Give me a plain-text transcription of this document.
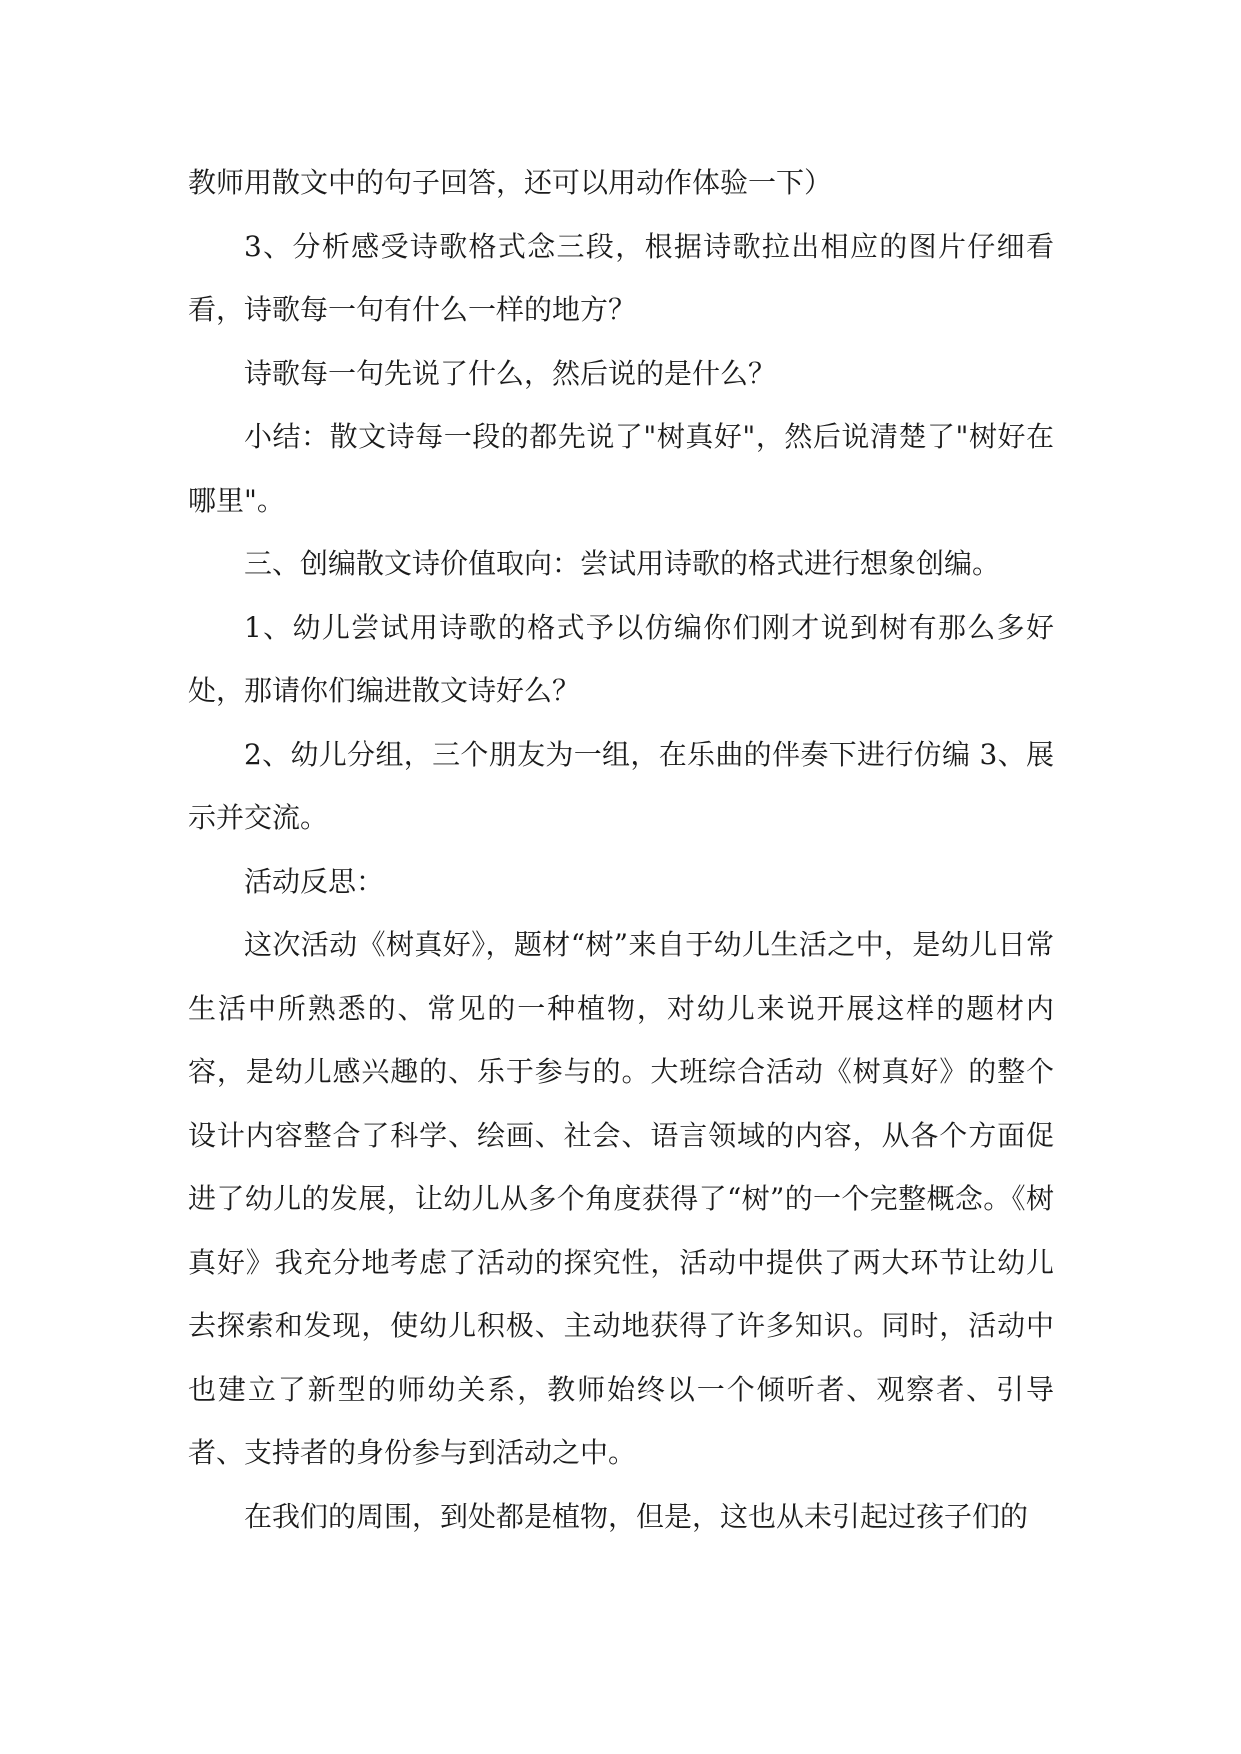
教师用散文中的句子回答，还可以用动作体验一下）

3、分析感受诗歌格式念三段，根据诗歌拉出相应的图片仔细看看，诗歌每一句有什么一样的地方？

诗歌每一句先说了什么，然后说的是什么？

小结：散文诗每一段的都先说了"树真好"，然后说清楚了"树好在哪里"。

三、创编散文诗价值取向：尝试用诗歌的格式进行想象创编。

1、幼儿尝试用诗歌的格式予以仿编你们刚才说到树有那么多好处，那请你们编进散文诗好么？

2、幼儿分组，三个朋友为一组，在乐曲的伴奏下进行仿编 3、展示并交流。

活动反思：

这次活动《树真好》，题材“树”来自于幼儿生活之中，是幼儿日常生活中所熟悉的、常见的一种植物，对幼儿来说开展这样的题材内容，是幼儿感兴趣的、乐于参与的。大班综合活动《树真好》的整个设计内容整合了科学、绘画、社会、语言领域的内容，从各个方面促进了幼儿的发展，让幼儿从多个角度获得了“树”的一个完整概念。《树真好》我充分地考虑了活动的探究性，活动中提供了两大环节让幼儿去探索和发现，使幼儿积极、主动地获得了许多知识。同时，活动中也建立了新型的师幼关系，教师始终以一个倾听者、观察者、引导者、支持者的身份参与到活动之中。

在我们的周围，到处都是植物，但是，这也从未引起过孩子们的
